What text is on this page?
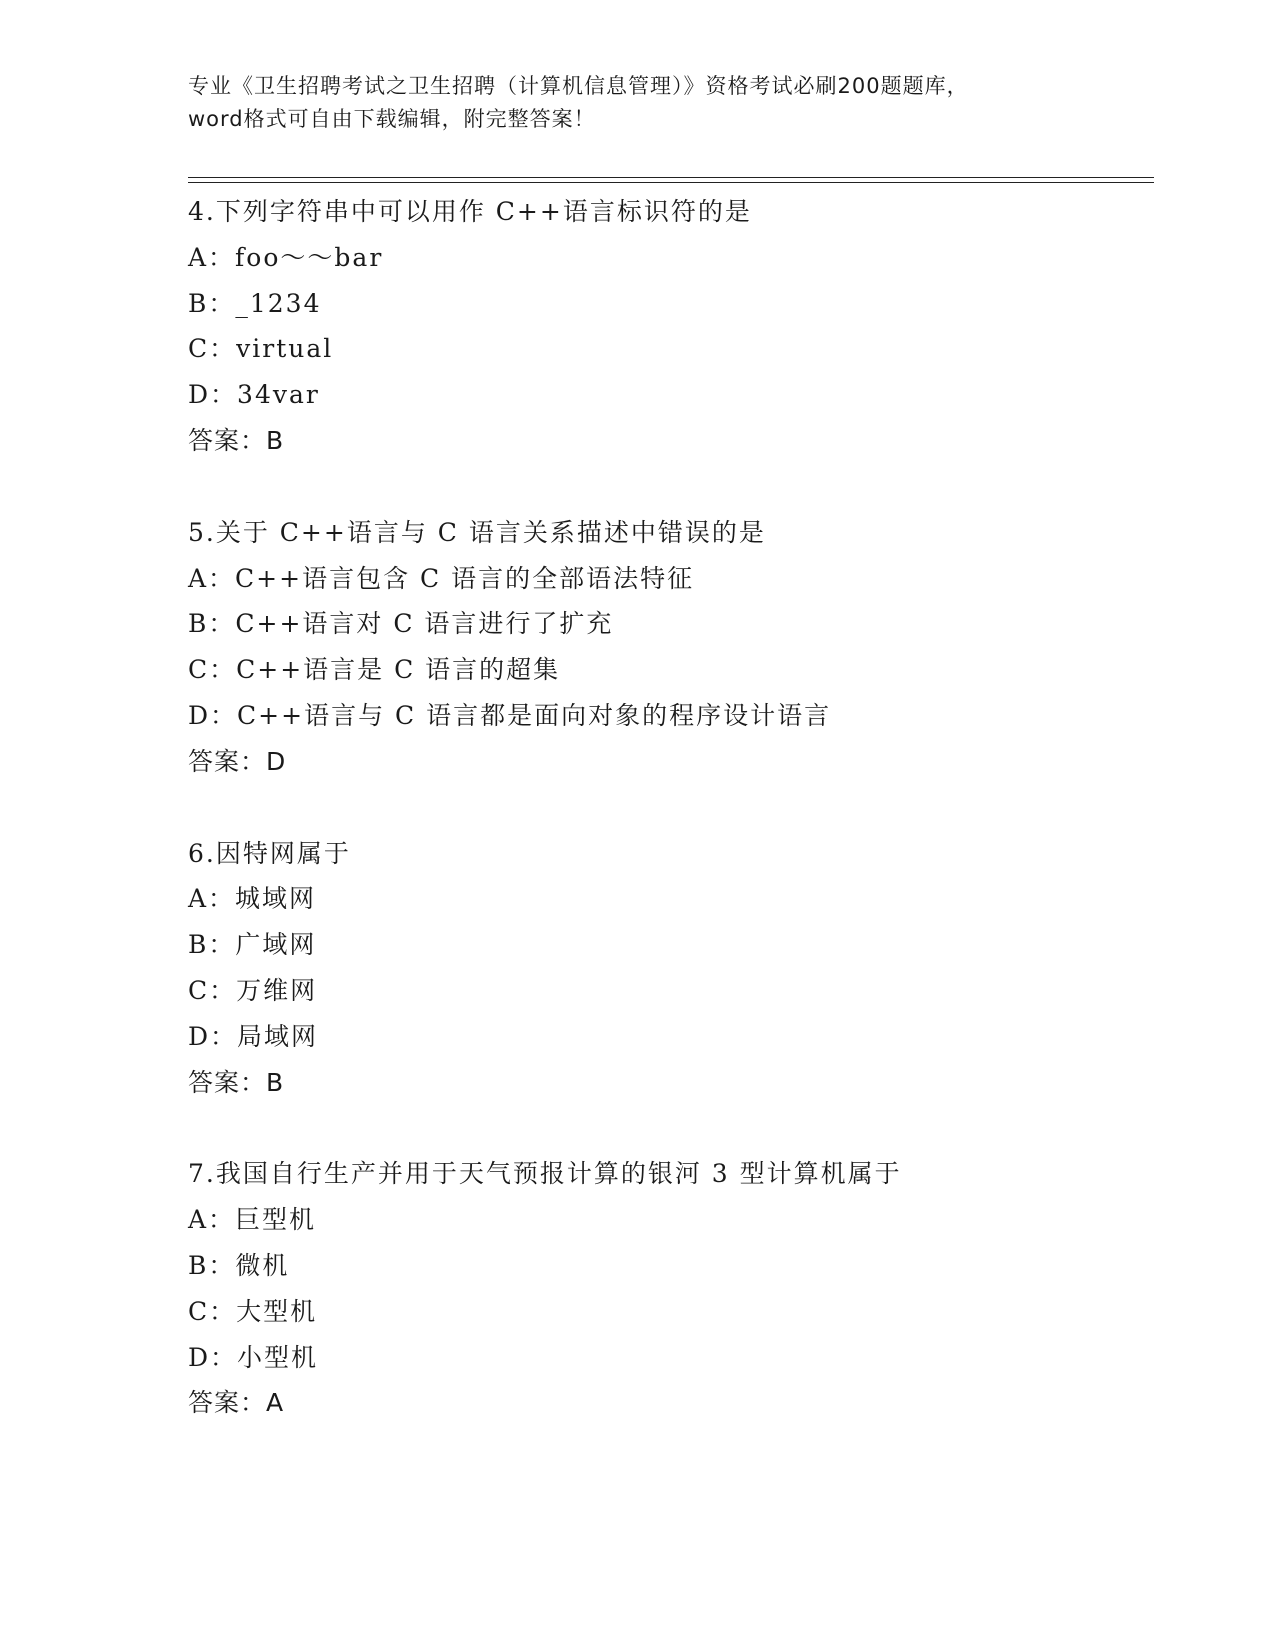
专业《卫生招聘考试之卫生招聘（计算机信息管理）》资格考试必刷200题题库，
word格式可自由下载编辑，附完整答案！
4.下列字符串中可以用作 C++语言标识符的是
A：foo～～bar
B：_1234
C：virtual
D：34var
答案：B
5.关于 C++语言与 C 语言关系描述中错误的是
A：C++语言包含 C 语言的全部语法特征
B：C++语言对 C 语言进行了扩充
C：C++语言是 C 语言的超集
D：C++语言与 C 语言都是面向对象的程序设计语言
答案：D
6.因特网属于
A：城域网
B：广域网
C：万维网
D：局域网
答案：B
7.我国自行生产并用于天气预报计算的银河 3 型计算机属于
A：巨型机
B：微机
C：大型机
D：小型机
答案：A
